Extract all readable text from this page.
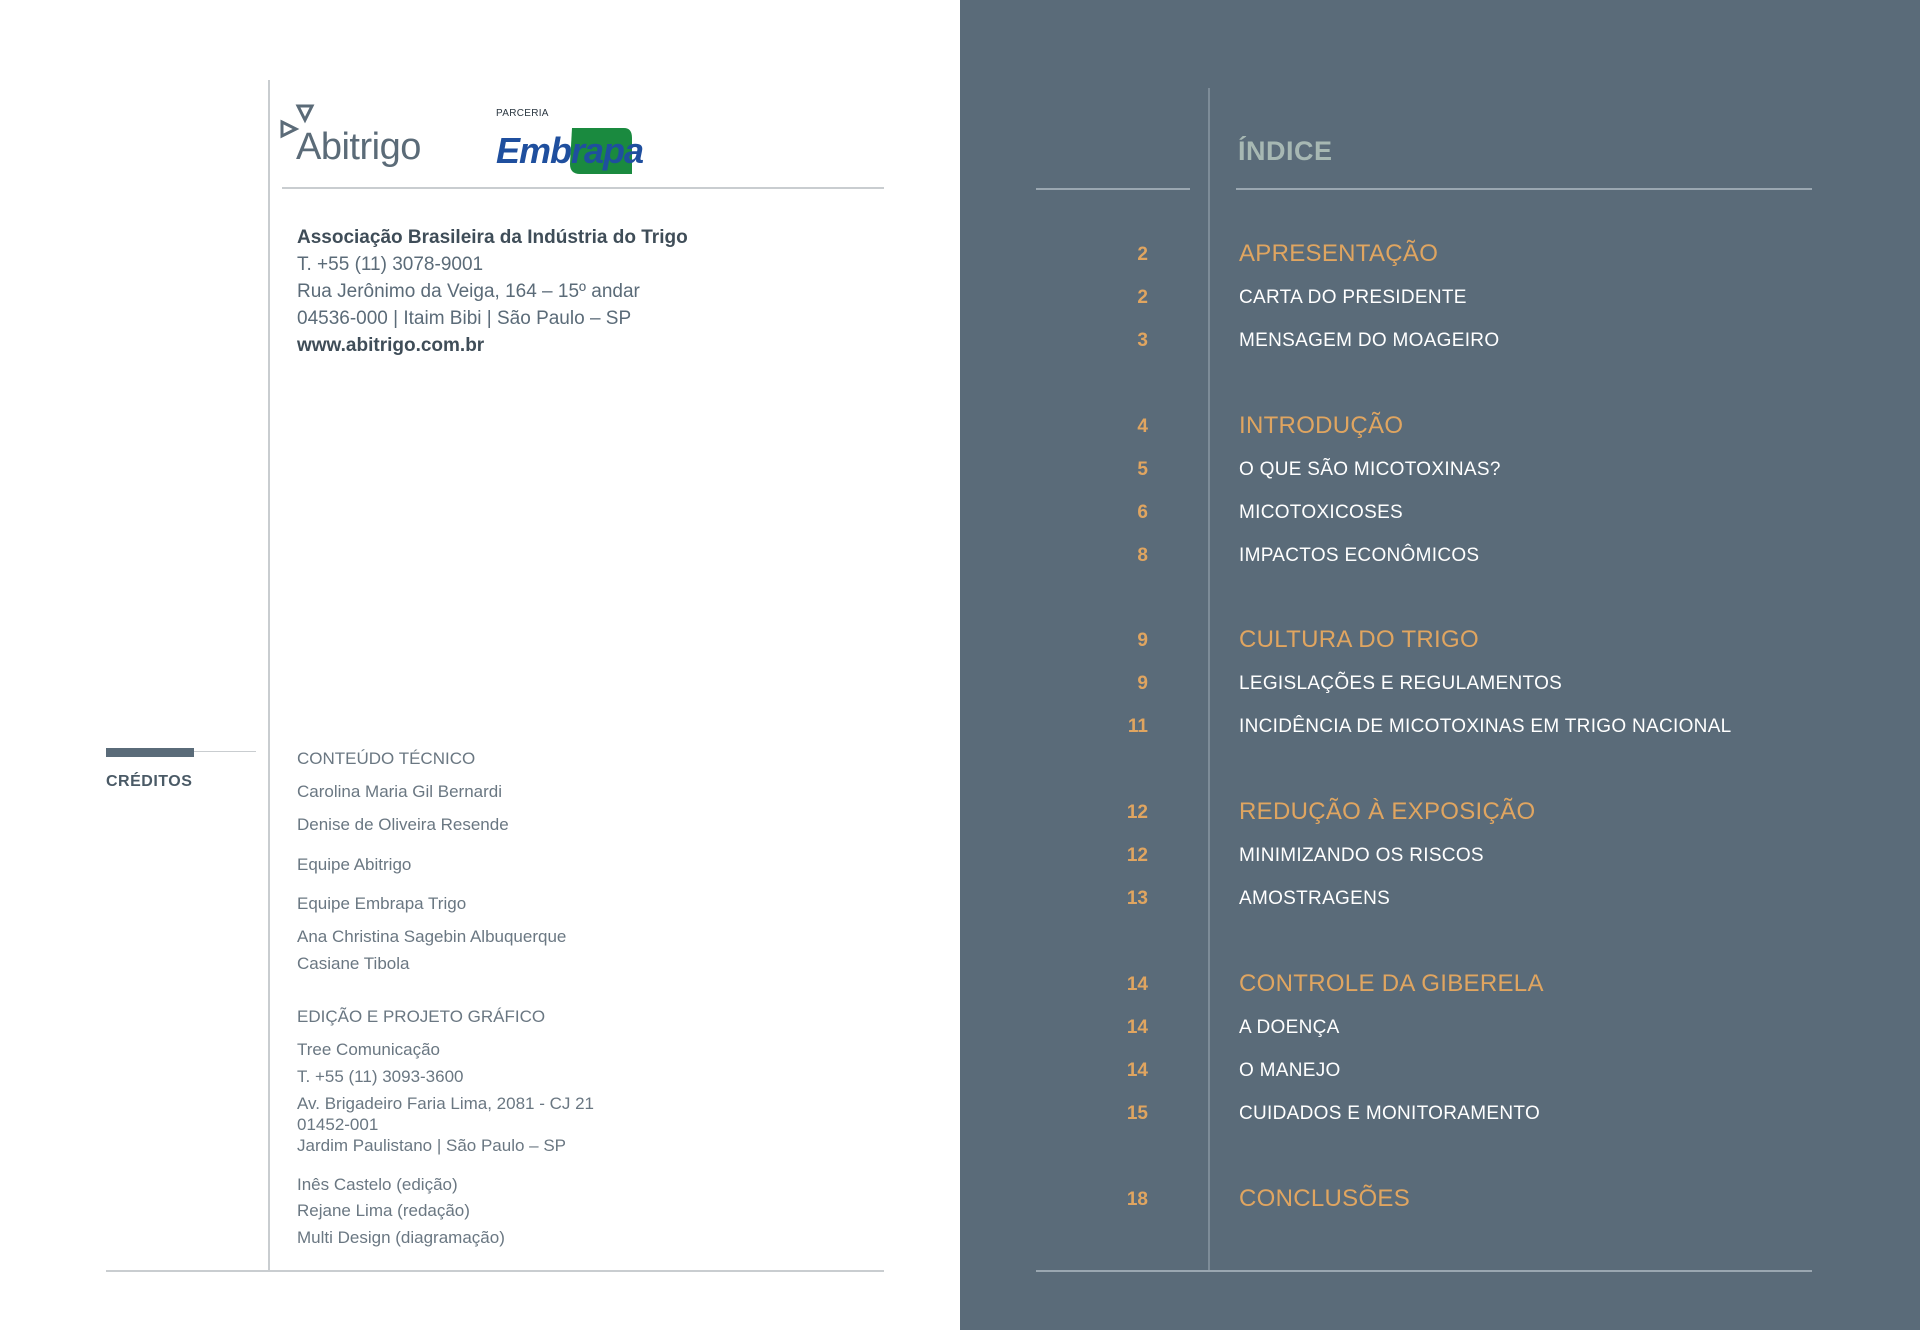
Abitrigo
PARCERIA
Embrapa
Associação Brasileira da Indústria do Trigo
T. +55 (11) 3078-9001
Rua Jerônimo da Veiga, 164 – 15º andar
04536-000 | Itaim Bibi | São Paulo – SP
www.abitrigo.com.br
CRÉDITOS
CONTEÚDO TÉCNICO
Carolina Maria Gil Bernardi
Denise de Oliveira Resende
Equipe Abitrigo
Equipe Embrapa Trigo
Ana Christina Sagebin Albuquerque
Casiane Tibola
EDIÇÃO E PROJETO GRÁFICO
Tree Comunicação
T. +55 (11) 3093-3600
Av. Brigadeiro Faria Lima, 2081 - CJ 21
01452-001
Jardim Paulistano | São Paulo – SP
Inês Castelo (edição)
Rejane Lima (redação)
Multi Design (diagramação)
ÍNDICE
2	APRESENTAÇÃO
2	CARTA DO PRESIDENTE
3	MENSAGEM DO MOAGEIRO
4	INTRODUÇÃO
5	O QUE SÃO MICOTOXINAS?
6	MICOTOXICOSES
8	IMPACTOS ECONÔMICOS
9	CULTURA DO TRIGO
9	LEGISLAÇÕES E REGULAMENTOS
11	INCIDÊNCIA DE MICOTOXINAS EM TRIGO NACIONAL
12	REDUÇÃO À EXPOSIÇÃO
12	MINIMIZANDO OS RISCOS
13	AMOSTRAGENS
14	CONTROLE DA GIBERELA
14	A DOENÇA
14	O MANEJO
15	CUIDADOS E MONITORAMENTO
18	CONCLUSÕES
